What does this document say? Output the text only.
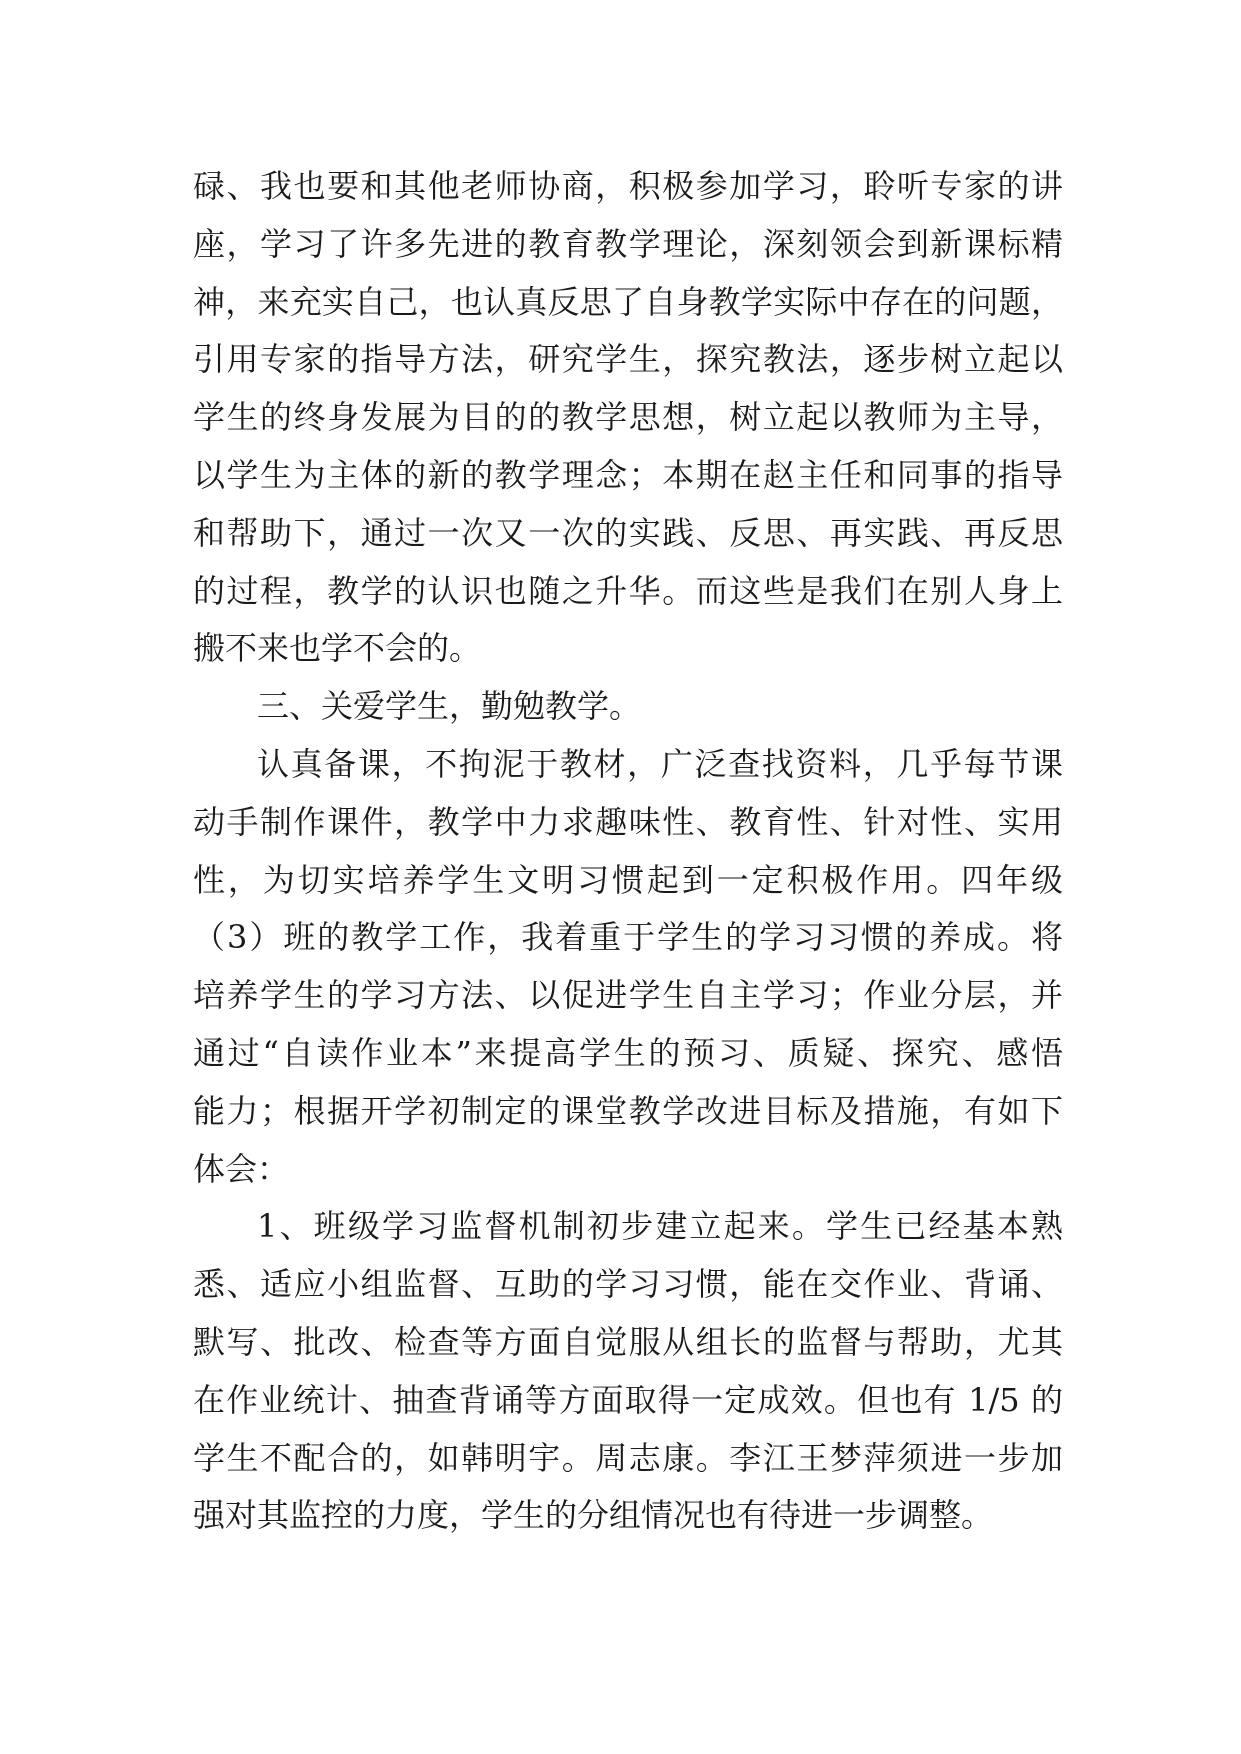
碌、我也要和其他老师协商，积极参加学习，聆听专家的讲
座，学习了许多先进的教育教学理论，深刻领会到新课标精
神，来充实自己，也认真反思了自身教学实际中存在的问题，
引用专家的指导方法，研究学生，探究教法，逐步树立起以
学生的终身发展为目的的教学思想，树立起以教师为主导，
以学生为主体的新的教学理念；本期在赵主任和同事的指导
和帮助下，通过一次又一次的实践、反思、再实践、再反思
的过程，教学的认识也随之升华。而这些是我们在别人身上
搬不来也学不会的。
三、关爱学生，勤勉教学。
认真备课，不拘泥于教材，广泛查找资料，几乎每节课
动手制作课件，教学中力求趣味性、教育性、针对性、实用
性，为切实培养学生文明习惯起到一定积极作用。四年级
（3）班的教学工作，我着重于学生的学习习惯的养成。将
培养学生的学习方法、以促进学生自主学习；作业分层，并
通过“自读作业本”来提高学生的预习、质疑、探究、感悟
能力；根据开学初制定的课堂教学改进目标及措施，有如下
体会：
1、班级学习监督机制初步建立起来。学生已经基本熟
悉、适应小组监督、互助的学习习惯，能在交作业、背诵、
默写、批改、检查等方面自觉服从组长的监督与帮助，尤其
在作业统计、抽查背诵等方面取得一定成效。但也有 1/5 的
学生不配合的，如韩明宇。周志康。李江王梦萍须进一步加
强对其监控的力度，学生的分组情况也有待进一步调整。
